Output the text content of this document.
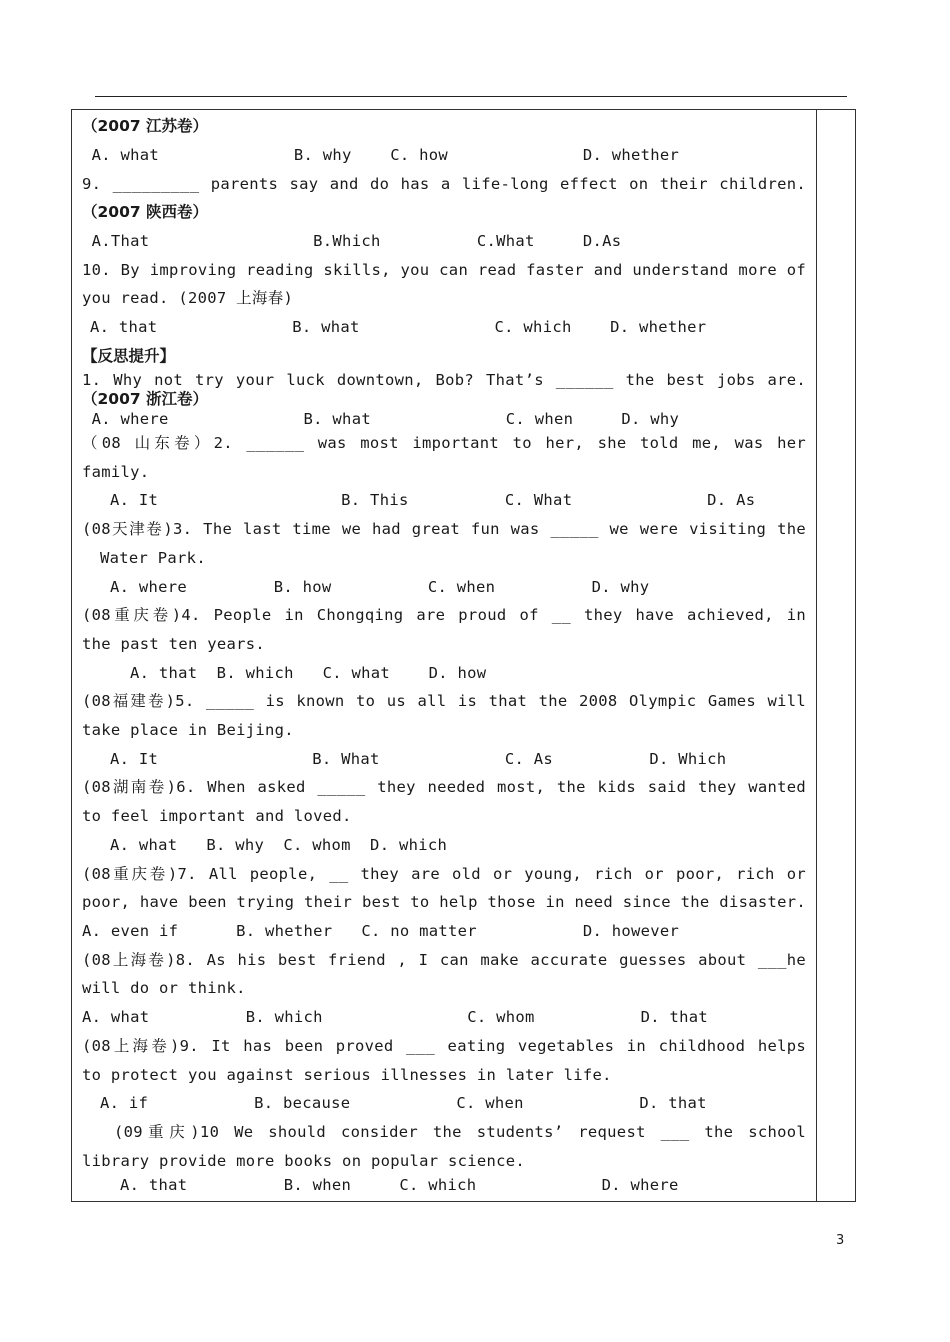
（2007 江苏卷）
A. what              B. why    C. how              D. whether
9. _________ parents say and do has a life-long effect on their children.
（2007 陕西卷）
A.That                 B.Which          C.What     D.As
10. By improving reading skills, you can read faster and understand more of
you read. (2007 上海春)
A. that              B. what              C. which    D. whether
【反思提升】
1. Why not try your luck downtown, Bob? That’s ______ the best jobs are.
（2007 浙江卷）
A. where              B. what              C. when     D. why
（08 山东卷）2. ______ was most important to her, she told me, was her
family.
A. It                   B. This          C. What              D. As
(08天津卷)3. The last time we had great fun was _____ we were visiting the
Water Park.
A. where         B. how          C. when          D. why
(08重庆卷)4. People in Chongqing are proud of __ they have achieved, in
the past ten years.
A. that  B. which   C. what    D. how
(08福建卷)5. _____ is known to us all is that the 2008 Olympic Games will
take place in Beijing.
A. It                B. What             C. As          D. Which
(08湖南卷)6. When asked _____ they needed most, the kids said they wanted
to feel important and loved.
A. what   B. why  C. whom  D. which
(08重庆卷)7. All people, __ they are old or young, rich or poor, rich or
poor, have been trying their best to help those in need since the disaster.
A. even if      B. whether   C. no matter           D. however
(08上海卷)8. As his best friend , I can make accurate guesses about ___he
will do or think.
A. what          B. which               C. whom           D. that
(08上海卷)9. It has been proved ___ eating vegetables in childhood helps
to protect you against serious illnesses in later life.
A. if           B. because           C. when            D. that
(09重庆)10 We should consider the students’ request ___ the school
library provide more books on popular science.
A. that          B. when     C. which             D. where
3
